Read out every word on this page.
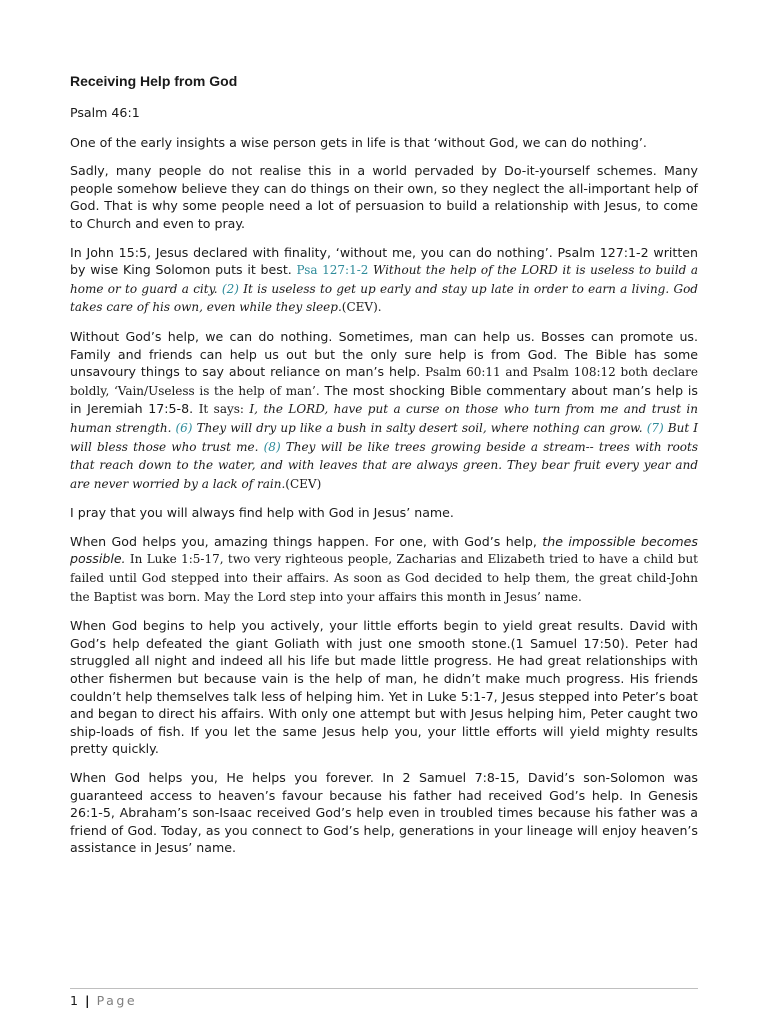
Receiving Help from God

Psalm 46:1

One of the early insights a wise person gets in life is that ‘without God, we can do nothing’.

Sadly, many people do not realise this in a world pervaded by Do-it-yourself schemes. Many people somehow believe they can do things on their own, so they neglect the all-important help of God. That is why some people need a lot of persuasion to build a relationship with Jesus, to come to Church and even to pray.

In John 15:5, Jesus declared with finality, ‘without me, you can do nothing’. Psalm 127:1-2 written by wise King Solomon puts it best. Psa 127:1-2 Without the help of the LORD it is useless to build a home or to guard a city. (2) It is useless to get up early and stay up late in order to earn a living. God takes care of his own, even while they sleep.(CEV).

Without God’s help, we can do nothing. Sometimes, man can help us. Bosses can promote us. Family and friends can help us out but the only sure help is from God. The Bible has some unsavoury things to say about reliance on man’s help. Psalm 60:11 and Psalm 108:12 both declare boldly, ‘Vain/Useless is the help of man’. The most shocking Bible commentary about man’s help is in Jeremiah 17:5-8. It says: I, the LORD, have put a curse on those who turn from me and trust in human strength. (6) They will dry up like a bush in salty desert soil, where nothing can grow. (7) But I will bless those who trust me. (8) They will be like trees growing beside a stream-- trees with roots that reach down to the water, and with leaves that are always green. They bear fruit every year and are never worried by a lack of rain.(CEV)

I pray that you will always find help with God in Jesus’ name.

When God helps you, amazing things happen. For one, with God’s help, the impossible becomes possible. In Luke 1:5-17, two very righteous people, Zacharias and Elizabeth tried to have a child but failed until God stepped into their affairs. As soon as God decided to help them, the great child-John the Baptist was born. May the Lord step into your affairs this month in Jesus’ name.

When God begins to help you actively, your little efforts begin to yield great results. David with God’s help defeated the giant Goliath with just one smooth stone.(1 Samuel 17:50). Peter had struggled all night and indeed all his life but made little progress. He had great relationships with other fishermen but because vain is the help of man, he didn’t make much progress. His friends couldn’t help themselves talk less of helping him. Yet in Luke 5:1-7, Jesus stepped into Peter’s boat and began to direct his affairs. With only one attempt but with Jesus helping him, Peter caught two ship-loads of fish. If you let the same Jesus help you, your little efforts will yield mighty results pretty quickly.

When God helps you, He helps you forever. In 2 Samuel 7:8-15, David’s son-Solomon was guaranteed access to heaven’s favour because his father had received God’s help. In Genesis 26:1-5, Abraham’s son-Isaac received God’s help even in troubled times because his father was a friend of God. Today, as you connect to God’s help, generations in your lineage will enjoy heaven’s assistance in Jesus’ name.

1 | Page
